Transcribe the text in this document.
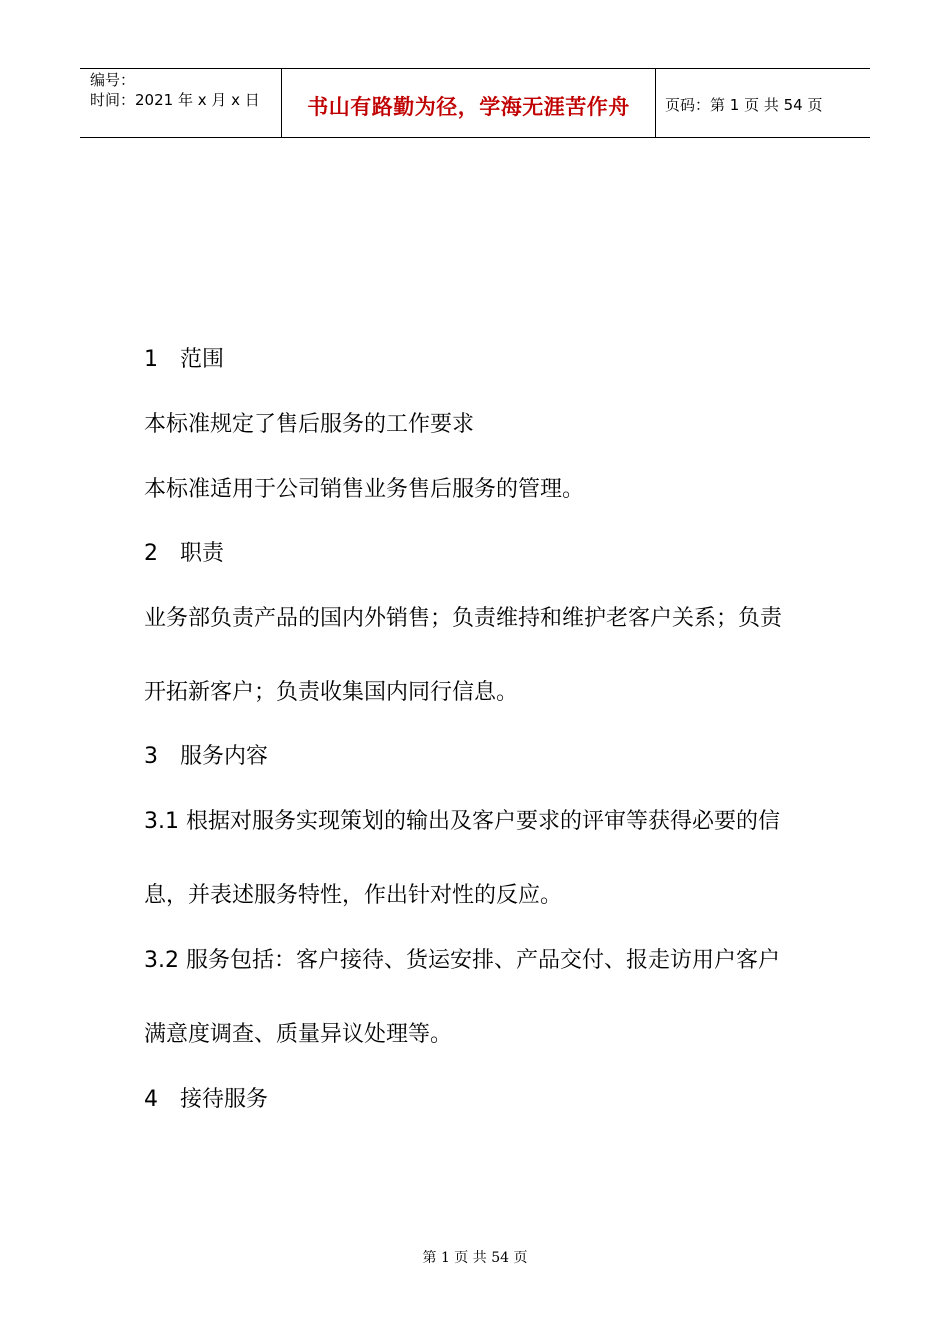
编号：
时间：2021 年 x 月 x 日	书山有路勤为径，学海无涯苦作舟	页码：第 1 页 共 54 页
1 范围
本标准规定了售后服务的工作要求
本标准适用于公司销售业务售后服务的管理。
2 职责
业务部负责产品的国内外销售；负责维持和维护老客户关系；负责
开拓新客户；负责收集国内同行信息。
3 服务内容
3.1 根据对服务实现策划的输出及客户要求的评审等获得必要的信
息，并表述服务特性，作出针对性的反应。
3.2 服务包括：客户接待、货运安排、产品交付、报走访用户客户
满意度调查、质量异议处理等。
4 接待服务
第 1 页 共 54 页
